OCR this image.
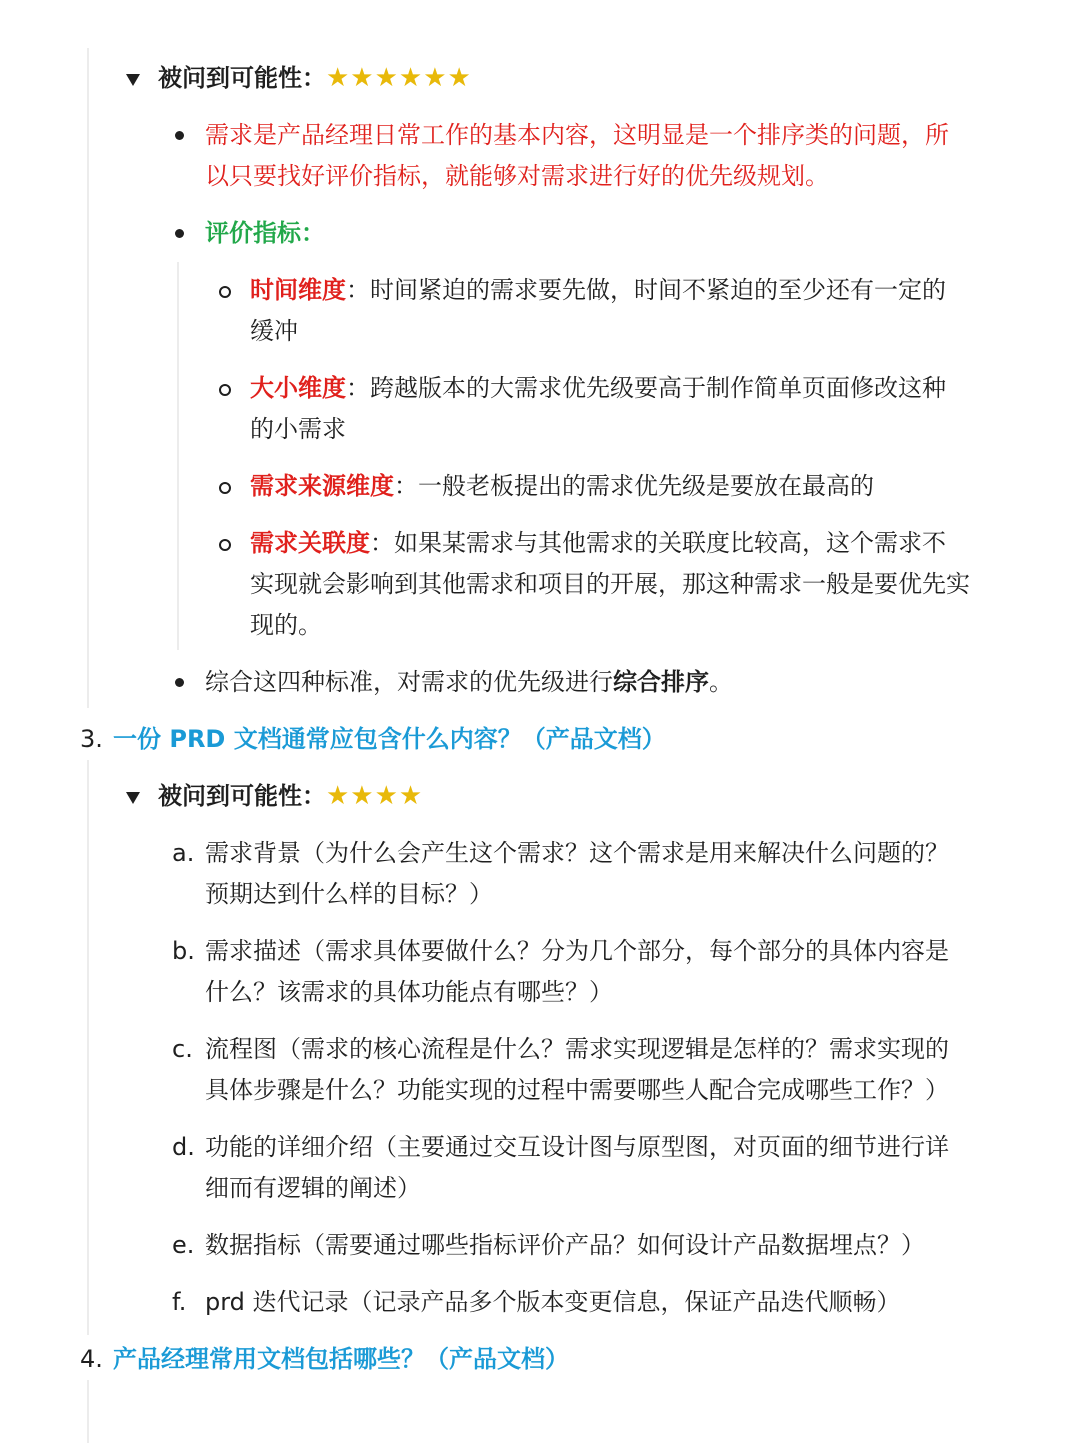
被问到可能性：★★★★★★
需求是产品经理日常工作的基本内容，这明显是一个排序类的问题，所
以只要找好评价指标，就能够对需求进行好的优先级规划。
评价指标：
时间维度：时间紧迫的需求要先做，时间不紧迫的至少还有一定的
缓冲
大小维度：跨越版本的大需求优先级要高于制作简单页面修改这种
的小需求
需求来源维度：一般老板提出的需求优先级是要放在最高的
需求关联度：如果某需求与其他需求的关联度比较高，这个需求不
实现就会影响到其他需求和项目的开展，那这种需求一般是要优先实
现的。
综合这四种标准，对需求的优先级进行综合排序。
3. 一份 PRD 文档通常应包含什么内容？（产品文档）
被问到可能性：★★★★
a. 需求背景（为什么会产生这个需求？这个需求是用来解决什么问题的？
预期达到什么样的目标？）
b. 需求描述（需求具体要做什么？分为几个部分，每个部分的具体内容是
什么？该需求的具体功能点有哪些？）
c. 流程图（需求的核心流程是什么？需求实现逻辑是怎样的？需求实现的
具体步骤是什么？功能实现的过程中需要哪些人配合完成哪些工作？）
d. 功能的详细介绍（主要通过交互设计图与原型图，对页面的细节进行详
细而有逻辑的阐述）
e. 数据指标（需要通过哪些指标评价产品？如何设计产品数据埋点？）
f. prd 迭代记录（记录产品多个版本变更信息，保证产品迭代顺畅）
4. 产品经理常用文档包括哪些？（产品文档）
